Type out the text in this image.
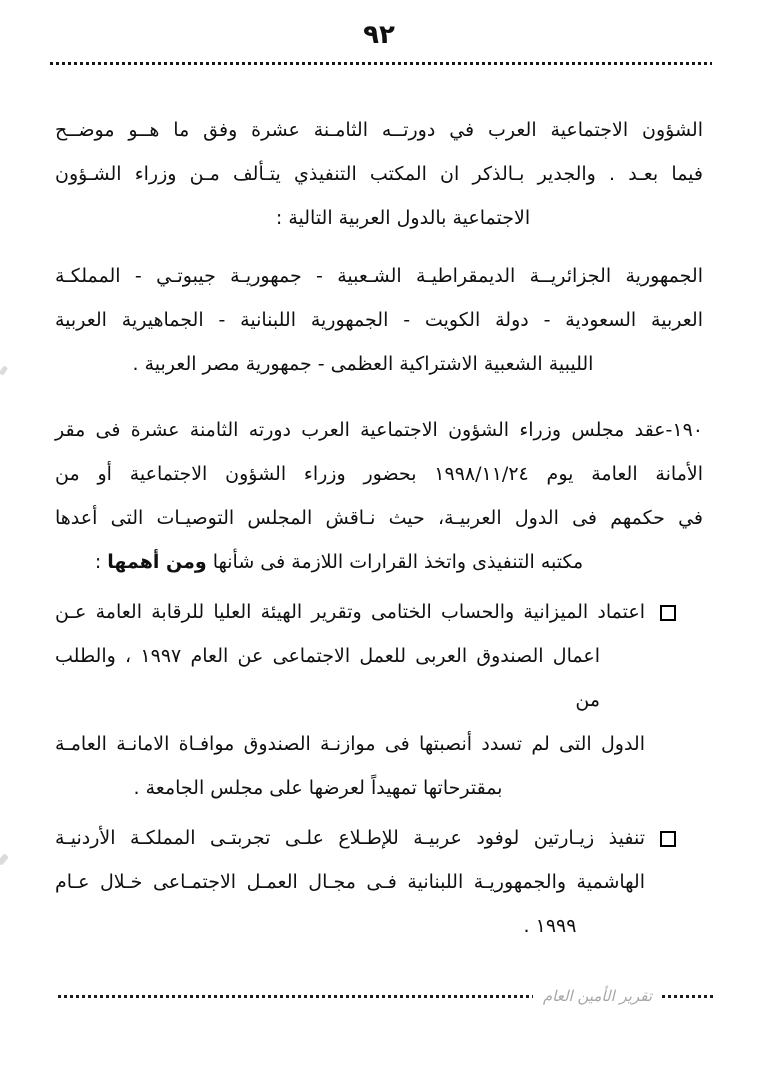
٩٢
الشؤون الاجتماعية العرب في دورتــه الثامـنة عشرة وفق ما هــو موضــح
فيما بعـد . والجدير بـالذكر ان المكتب التنفيذي يتـألف مـن وزراء الشـؤون
الاجتماعية بالدول العربية التالية :
الجمهورية الجزائريــة الديمقراطيـة الشـعبية - جمهوريـة جيبوتـي - المملكـة
العربية السعودية - دولة الكويت - الجمهورية اللبنانية - الجماهيرية العربية
الليبية الشعبية الاشتراكية العظمى - جمهورية مصر العربية .
١٩٠-عقد مجلس وزراء الشؤون الاجتماعية العرب دورته الثامنة عشرة فى مقر
الأمانة العامة يوم ١٩٩٨/١١/٢٤ بحضور وزراء الشؤون الاجتماعية أو من
في حكمهم فى الدول العربيـة، حيث نـاقش المجلس التوصيـات التى أعدها
مكتبه التنفيذى واتخذ القرارات اللازمة فى شأنها ومن أهمها :
اعتماد الميزانية والحساب الختامى وتقرير الهيئة العليا للرقابة العامة عـن
اعمال الصندوق العربى للعمل الاجتماعى عن العام ١٩٩٧ ، والطلب من
الدول التى لم تسدد أنصبتها فى موازنـة الصندوق موافـاة الامانـة العامـة
بمقترحاتها تمهيداً لعرضها على مجلس الجامعة .
تنفيذ زيـارتين لوفود عربيـة للإطـلاع علـى تجربتـى المملكـة الأردنيـة
الهاشمية والجمهوريـة اللبنانية فـى مجـال العمـل الاجتمـاعى خـلال عـام
١٩٩٩ .
تقرير الأمين العام
